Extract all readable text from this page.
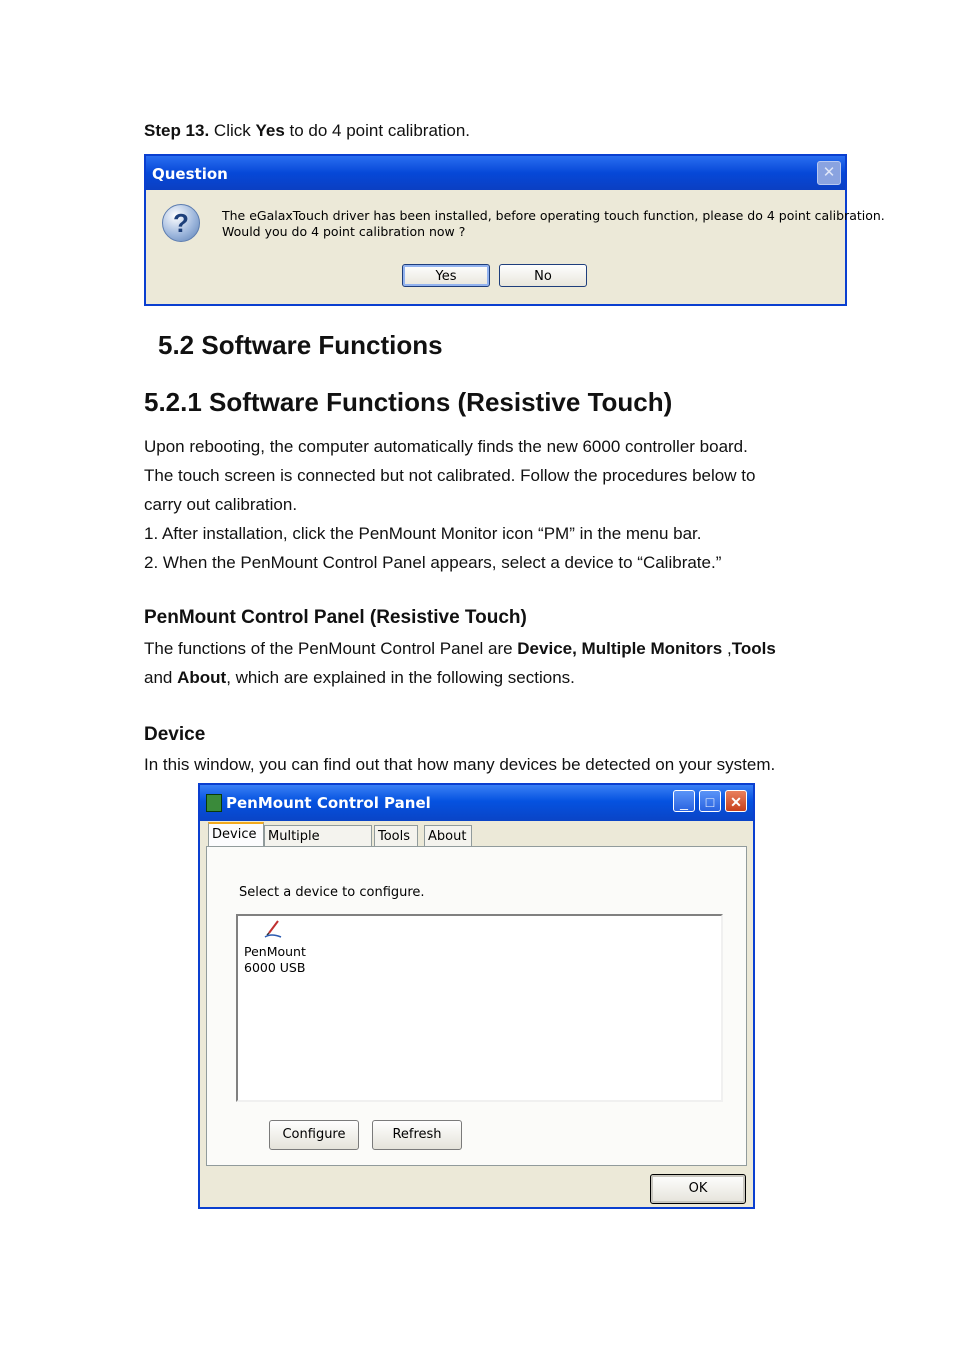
Step 13. Click Yes to do 4 point calibration.
Question	✕
?	The eGalaxTouch driver has been installed, before operating touch function, please do 4 point calibration.
Would you do 4 point calibration now ?
Yes	No
5.2 Software Functions
5.2.1 Software Functions (Resistive Touch)
Upon rebooting, the computer automatically finds the new 6000 controller board.
The touch screen is connected but not calibrated. Follow the procedures below to
carry out calibration.
1. After installation, click the PenMount Monitor icon “PM” in the menu bar.
2. When the PenMount Control Panel appears, select a device to “Calibrate.”
PenMount Control Panel (Resistive Touch)
The functions of the PenMount Control Panel are Device, Multiple Monitors ,Tools
and About, which are explained in the following sections.
Device
In this window, you can find out that how many devices be detected on your system.
PenMount Control Panel	_	□	✕
Device Multiple	Tools	About
Select a device to configure.
PenMount
6000 USB
Configure	Refresh
OK
